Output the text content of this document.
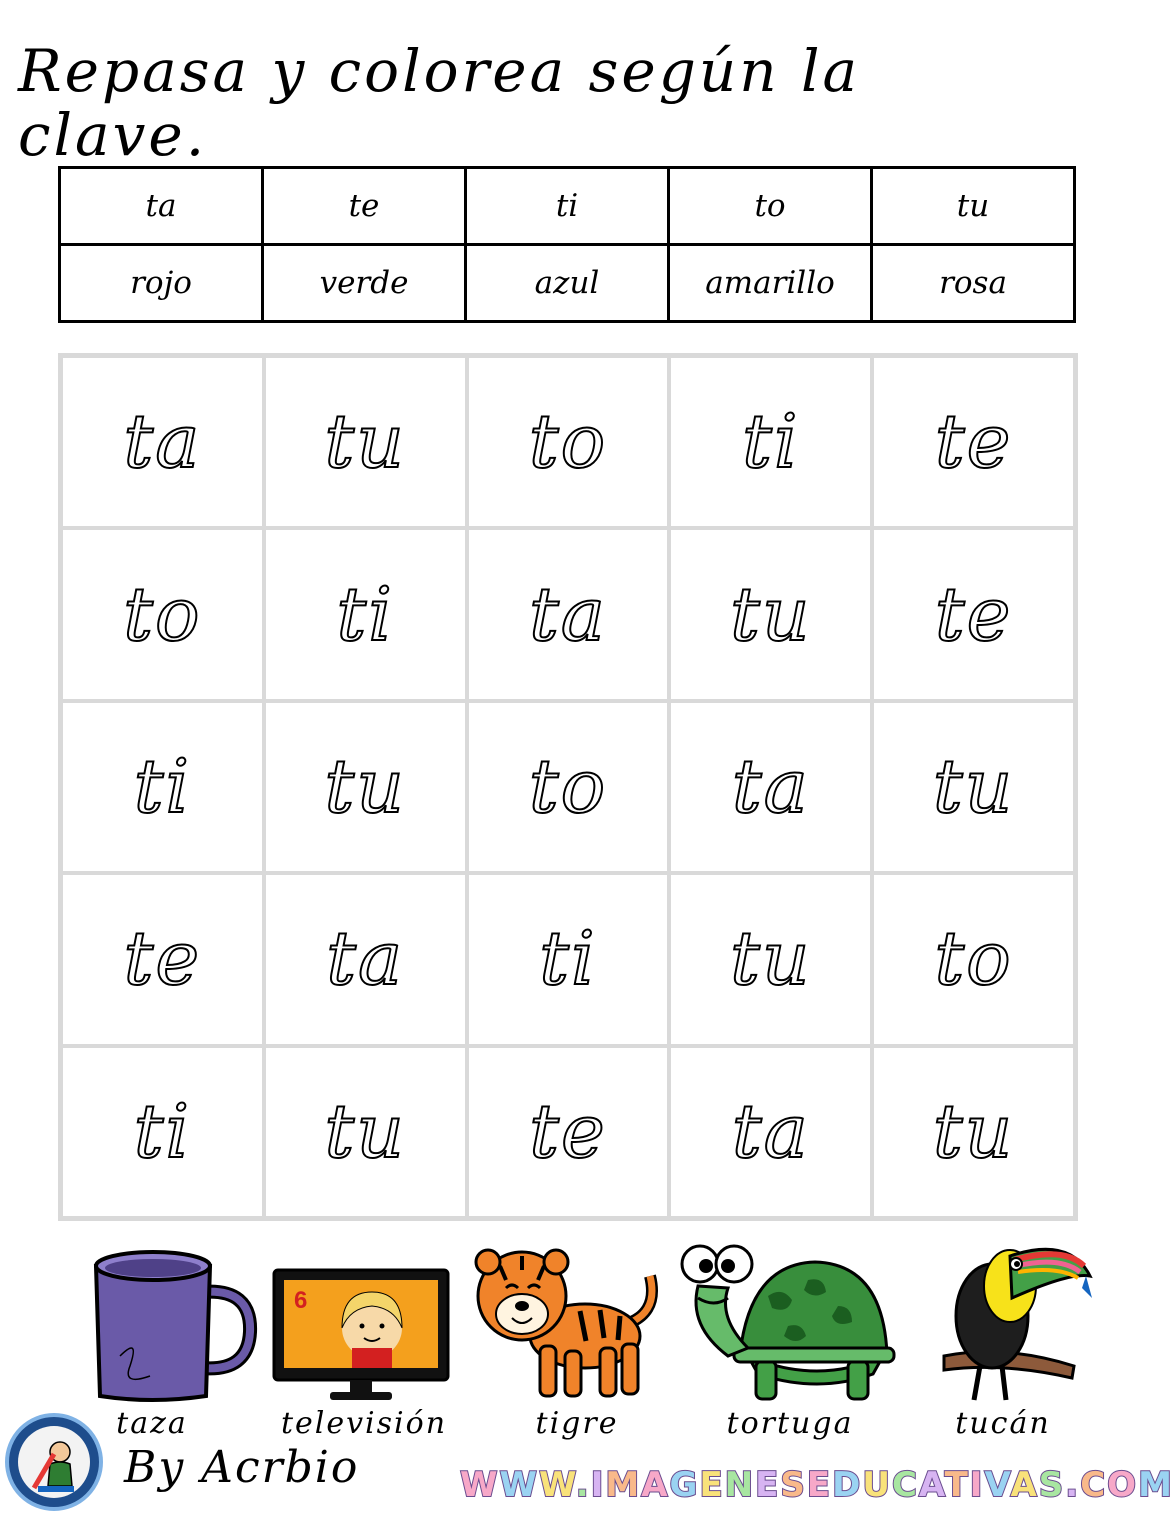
Repasa y colorea según la clave.
ta	te	ti	to	tu
rojo	verde	azul	amarillo	rosa
ta tu to ti te
to ti ta tu te
ti tu to ta tu
te ta ti tu to
ti tu te ta tu
6
taza	televisión	tigre	tortuga	tucán
By Acrbio	WWW.IMAGENESEDUCATIVAS.COM
